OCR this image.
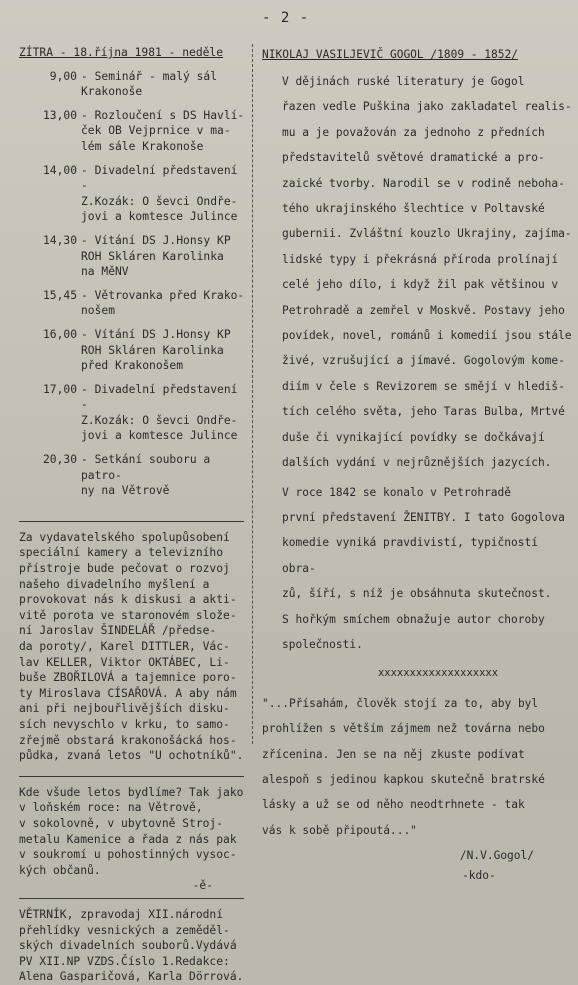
- 2 -
ZÍTRA - 18.října 1981 - neděle
9,00 - Seminář - malý sál
Krakonoše
13,00 - Rozloučení s DS Havlí-
ček OB Vejprnice v ma-
lém sále Krakonoše
14,00 - Divadelní představení -
Z.Kozák: O ševci Ondře-
jovi a komtesce Julince
14,30 - Vítání DS J.Honsy KP
ROH Skláren Karolinka
na MěNV
15,45 - Větrovanka před Krako-
nošem
16,00 - Vítání DS J.Honsy KP
ROH Skláren Karolinka
před Krakonošem
17,00 - Divadelní představení -
Z.Kozák: O ševci Ondře-
jovi a komtesce Julince
20,30 - Setkání souboru a patro-
ny na Větrově
Za vydavatelského spolupůsobení
speciální kamery a televizního
přístroje bude pečovat o rozvoj
našeho divadelního myšlení a
provokovat nás k diskusi a akti-
vitě porota ve staronovém slože-
ní Jaroslav ŠINDELÁŘ /předse-
da poroty/, Karel DITTLER, Vác-
lav KELLER, Viktor OKTÁBEC, Li-
buše ZBOŘILOVÁ a tajemnice poro-
ty Miroslava CÍSAŘOVÁ. A aby nám
ani při nejbouřlivějších disku-
sích nevyschlo v krku, to samo-
zřejmě obstará krakonošácká hos-
půdka, zvaná letos "U ochotníků".
Kde všude letos bydlíme? Tak jako
v loňském roce: na Větrově,
v sokolovně, v ubytovně Stroj-
metalu Kamenice a řada z nás pak
v soukromí u pohostinných vysoc-
kých občanů.
-ě-
VĚTRNÍK, zpravodaj XII.národní
přehlídky vesnických a zeměděl-
ských divadelních souborů.Vydává
PV XII.NP VZDS.Číslo 1.Redakce:
Alena Gasparičová, Karla Dörrová.
NIKOLAJ VASILJEVIČ GOGOL /1809 - 1852/
V dějinách ruské literatury je Gogol
řazen vedle Puškina jako zakladatel realis-
mu a je považován za jednoho z předních
představitelů světové dramatické a pro-
zaické tvorby. Narodil se v rodině neboha-
tého ukrajinského šlechtice v Poltavské
gubernii. Zvláštní kouzlo Ukrajiny, zajíma-
lidské typy i překrásná příroda prolínají
celé jeho dílo, i když žil pak většinou v
Petrohradě a zemřel v Moskvě. Postavy jeho
povídek, novel, románů i komedií jsou stále
živé, vzrušující a jímavé. Gogolovým kome-
diím v čele s Revizorem se smějí v hlediš-
tích celého světa, jeho Taras Bulba, Mrtvé
duše či vynikající povídky se dočkávají
dalších vydání v nejrůznějších jazycích.
V roce 1842 se konalo v Petrohradě
první představení ŽENITBY. I tato Gogolova
komedie vyniká pravdivistí, typičností obra-
zů, šíří, s níž je obsáhnuta skutečnost.
S hořkým smíchem obnažuje autor choroby
společnosti.
xxxxxxxxxxxxxxxxxxx
"...Přísahám, člověk stojí za to, aby byl
prohlížen s větším zájmem než továrna nebo
zřícenina. Jen se na něj zkuste podívat
alespoň s jedinou kapkou skutečně bratrské
lásky a už se od něho neodtrhnete - tak
vás k sobě připoutá..."
/N.V.Gogol/
-kdo-
